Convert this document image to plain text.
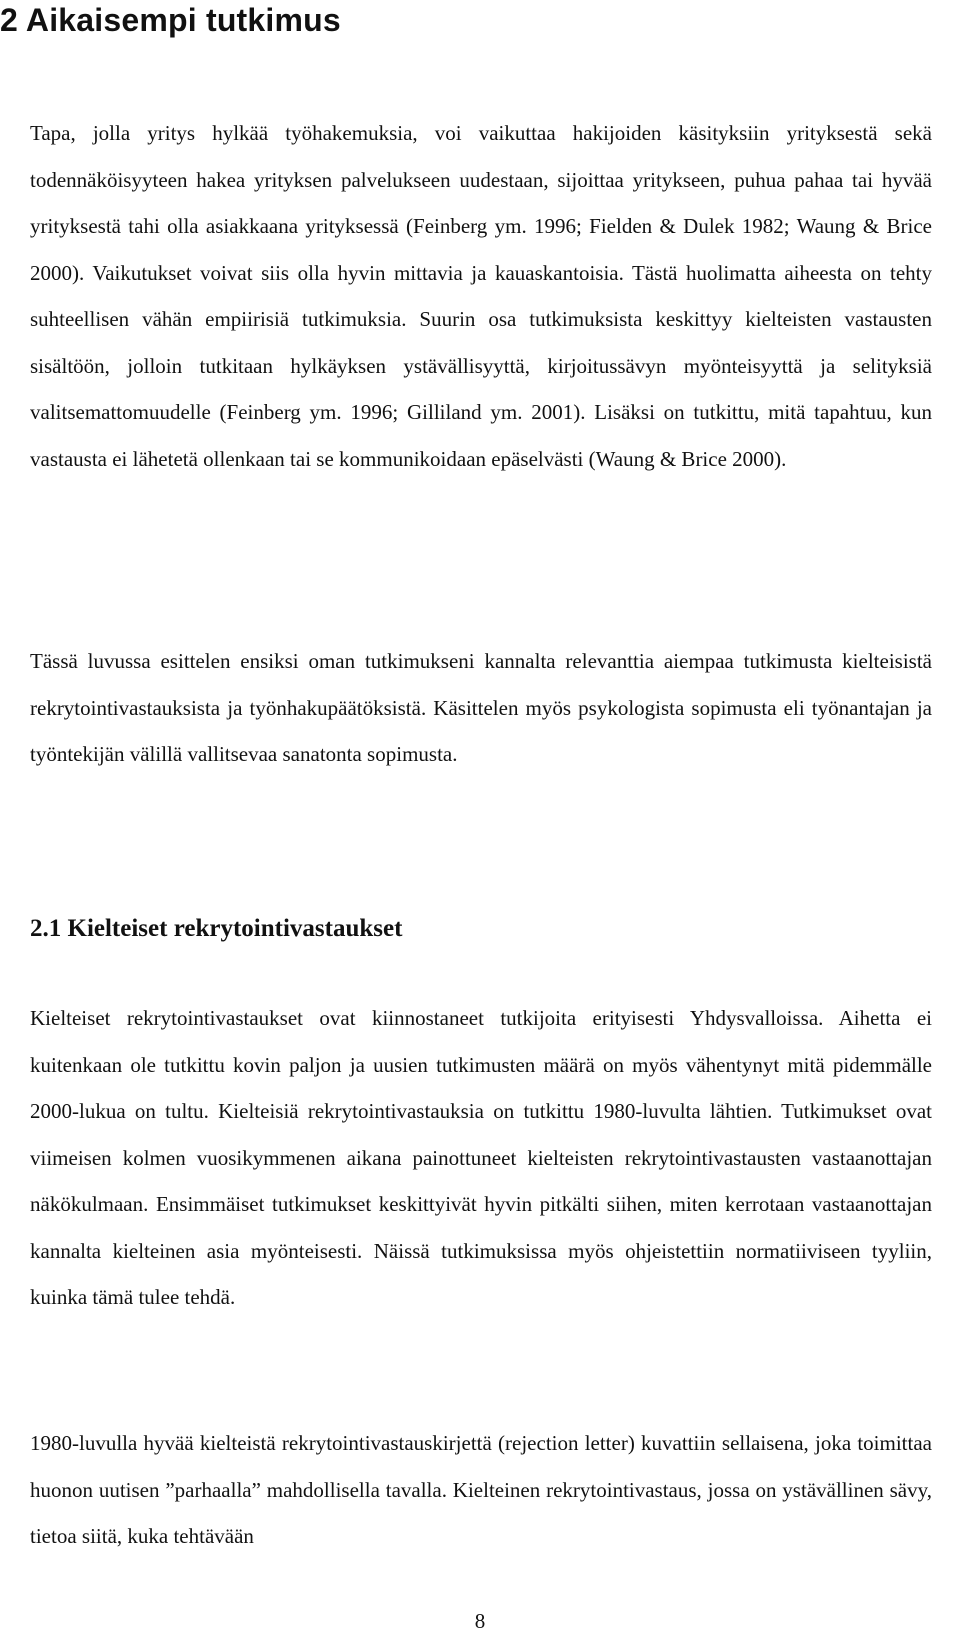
2 Aikaisempi tutkimus

Tapa, jolla yritys hylkää työhakemuksia, voi vaikuttaa hakijoiden käsityksiin yrityksestä sekä todennäköisyyteen hakea yrityksen palvelukseen uudestaan, sijoittaa yritykseen, puhua pahaa tai hyvää yrityksestä tahi olla asiakkaana yrityksessä (Feinberg ym. 1996; Fielden & Dulek 1982; Waung & Brice 2000). Vaikutukset voivat siis olla hyvin mittavia ja kauaskantoisia. Tästä huolimatta aiheesta on tehty suhteellisen vähän empiirisiä tutkimuksia. Suurin osa tutkimuksista keskittyy kielteisten vastausten sisältöön, jolloin tutkitaan hylkäyksen ystävällisyyttä, kirjoitussävyn myönteisyyttä ja selityksiä valitsemattomuudelle (Feinberg ym. 1996; Gilliland ym. 2001). Lisäksi on tutkittu, mitä tapahtuu, kun vastausta ei lähetetä ollenkaan tai se kommunikoidaan epäselvästi (Waung & Brice 2000).

Tässä luvussa esittelen ensiksi oman tutkimukseni kannalta relevanttia aiempaa tutkimusta kielteisistä rekrytointivastauksista ja työnhakupäätöksistä. Käsittelen myös psykologista sopimusta eli työnantajan ja työntekijän välillä vallitsevaa sanatonta sopimusta.

2.1 Kielteiset rekrytointivastaukset

Kielteiset rekrytointivastaukset ovat kiinnostaneet tutkijoita erityisesti Yhdysvalloissa. Aihetta ei kuitenkaan ole tutkittu kovin paljon ja uusien tutkimusten määrä on myös vähentynyt mitä pidemmälle 2000-lukua on tultu. Kielteisiä rekrytointivastauksia on tutkittu 1980-luvulta lähtien. Tutkimukset ovat viimeisen kolmen vuosikymmenen aikana painottuneet kielteisten rekrytointivastausten vastaanottajan näkökulmaan. Ensimmäiset tutkimukset keskittyivät hyvin pitkälti siihen, miten kerrotaan vastaanottajan kannalta kielteinen asia myönteisesti. Näissä tutkimuksissa myös ohjeistettiin normatiiviseen tyyliin, kuinka tämä tulee tehdä.

1980-luvulla hyvää kielteistä rekrytointivastauskirjettä (rejection letter) kuvattiin sellaisena, joka toimittaa huonon uutisen ”parhaalla” mahdollisella tavalla. Kielteinen rekrytointivastaus, jossa on ystävällinen sävy, tietoa siitä, kuka tehtävään

8
